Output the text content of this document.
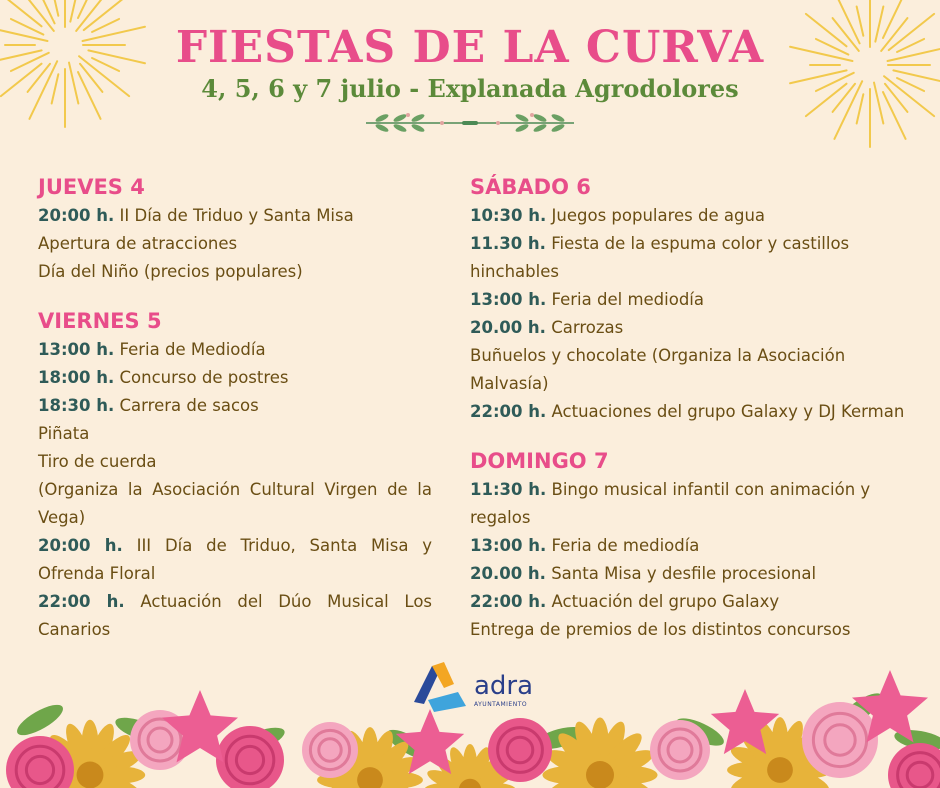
FIESTAS DE LA CURVA
4, 5, 6 y 7 julio - Explanada Agrodolores
JUEVES 4

20:00 h. II Día de Triduo y Santa Misa

Apertura de atracciones

Día del Niño (precios populares)

VIERNES 5

13:00 h. Feria de Mediodía

18:00 h. Concurso de postres

18:30 h. Carrera de sacos

Piñata

Tiro de cuerda

(Organiza la Asociación Cultural Virgen de la Vega)

20:00 h. III Día de Triduo, Santa Misa y Ofrenda Floral

22:00 h. Actuación del Dúo Musical Los Canarios

SÁBADO 6

10:30 h. Juegos populares de agua

11.30 h. Fiesta de la espuma color y castillos hinchables

13:00 h. Feria del mediodía

20.00 h. Carrozas

Buñuelos y chocolate (Organiza la Asociación Malvasía)

22:00 h. Actuaciones del grupo Galaxy y DJ Kerman

DOMINGO 7

11:30 h. Bingo musical infantil con animación y regalos

13:00 h. Feria de mediodía

20.00 h. Santa Misa y desfile procesional

22:00 h. Actuación del grupo Galaxy

Entrega de premios de los distintos concursos

adra
AYUNTAMIENTO
